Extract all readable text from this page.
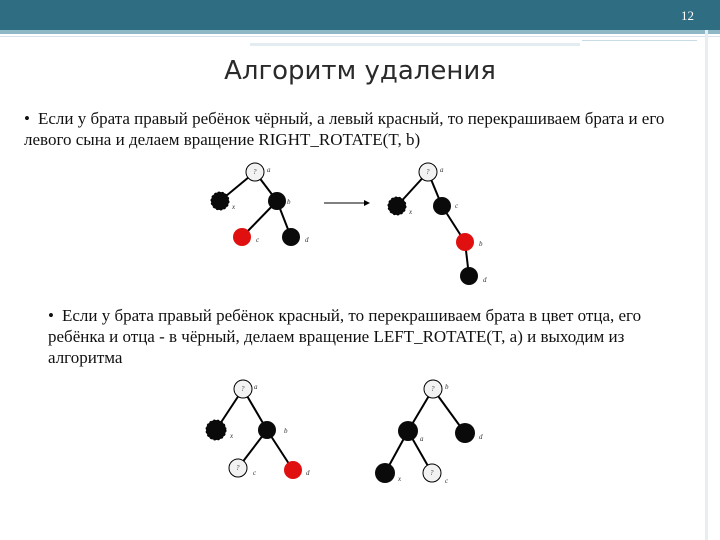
12
Алгоритм удаления
• Если у брата правый ребёнок чёрный, а левый красный, то перекрашиваем брата и его левого сына и делаем вращение RIGHT_ROTATE(T, b)
? a
x
b
c	d
? a
x
c
b
d
• Если у брата правый ребёнок красный, то перекрашиваем брата в цвет отца, его ребёнка и отца - в чёрный, делаем вращение LEFT_ROTATE(T, a) и выходим из алгоритма
? a
x
b
?
c	d
? b
a	d
x
?
c
